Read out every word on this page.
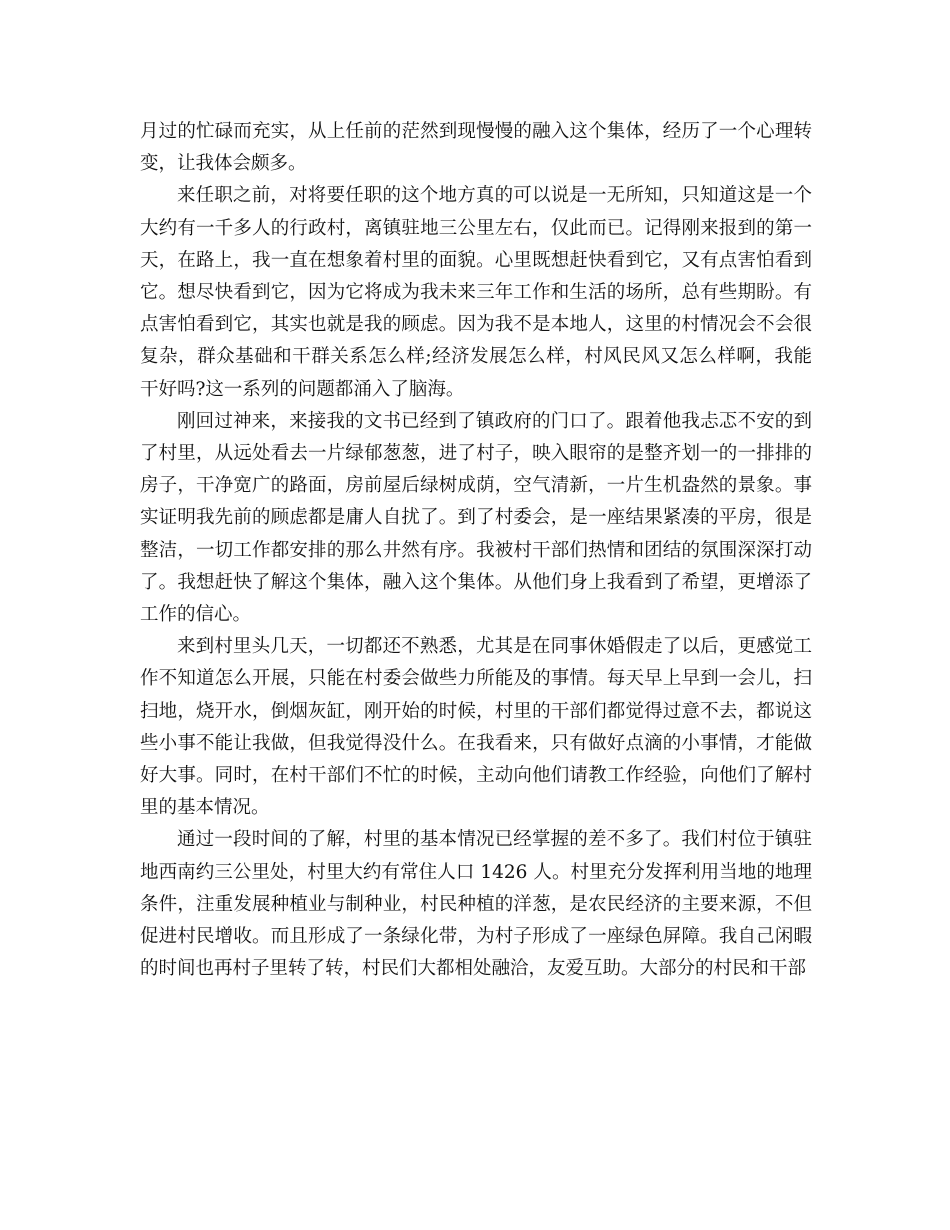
月过的忙碌而充实，从上任前的茫然到现慢慢的融入这个集体，经历了一个心理转变，让我体会颇多。

来任职之前，对将要任职的这个地方真的可以说是一无所知，只知道这是一个大约有一千多人的行政村，离镇驻地三公里左右，仅此而已。记得刚来报到的第一天，在路上，我一直在想象着村里的面貌。心里既想赶快看到它，又有点害怕看到它。想尽快看到它，因为它将成为我未来三年工作和生活的场所，总有些期盼。有点害怕看到它，其实也就是我的顾虑。因为我不是本地人，这里的村情况会不会很复杂，群众基础和干群关系怎么样;经济发展怎么样，村风民风又怎么样啊，我能干好吗?这一系列的问题都涌入了脑海。

刚回过神来，来接我的文书已经到了镇政府的门口了。跟着他我忐忑不安的到了村里，从远处看去一片绿郁葱葱，进了村子，映入眼帘的是整齐划一的一排排的房子，干净宽广的路面，房前屋后绿树成荫，空气清新，一片生机盎然的景象。事实证明我先前的顾虑都是庸人自扰了。到了村委会，是一座结果紧凑的平房，很是整洁，一切工作都安排的那么井然有序。我被村干部们热情和团结的氛围深深打动了。我想赶快了解这个集体，融入这个集体。从他们身上我看到了希望，更增添了工作的信心。

来到村里头几天，一切都还不熟悉，尤其是在同事休婚假走了以后，更感觉工作不知道怎么开展，只能在村委会做些力所能及的事情。每天早上早到一会儿，扫扫地，烧开水，倒烟灰缸，刚开始的时候，村里的干部们都觉得过意不去，都说这些小事不能让我做，但我觉得没什么。在我看来，只有做好点滴的小事情，才能做好大事。同时，在村干部们不忙的时候，主动向他们请教工作经验，向他们了解村里的基本情况。

通过一段时间的了解，村里的基本情况已经掌握的差不多了。我们村位于镇驻地西南约三公里处，村里大约有常住人口 1426 人。村里充分发挥利用当地的地理条件，注重发展种植业与制种业，村民种植的洋葱，是农民经济的主要来源，不但促进村民增收。而且形成了一条绿化带，为村子形成了一座绿色屏障。我自己闲暇的时间也再村子里转了转，村民们大都相处融洽，友爱互助。大部分的村民和干部
